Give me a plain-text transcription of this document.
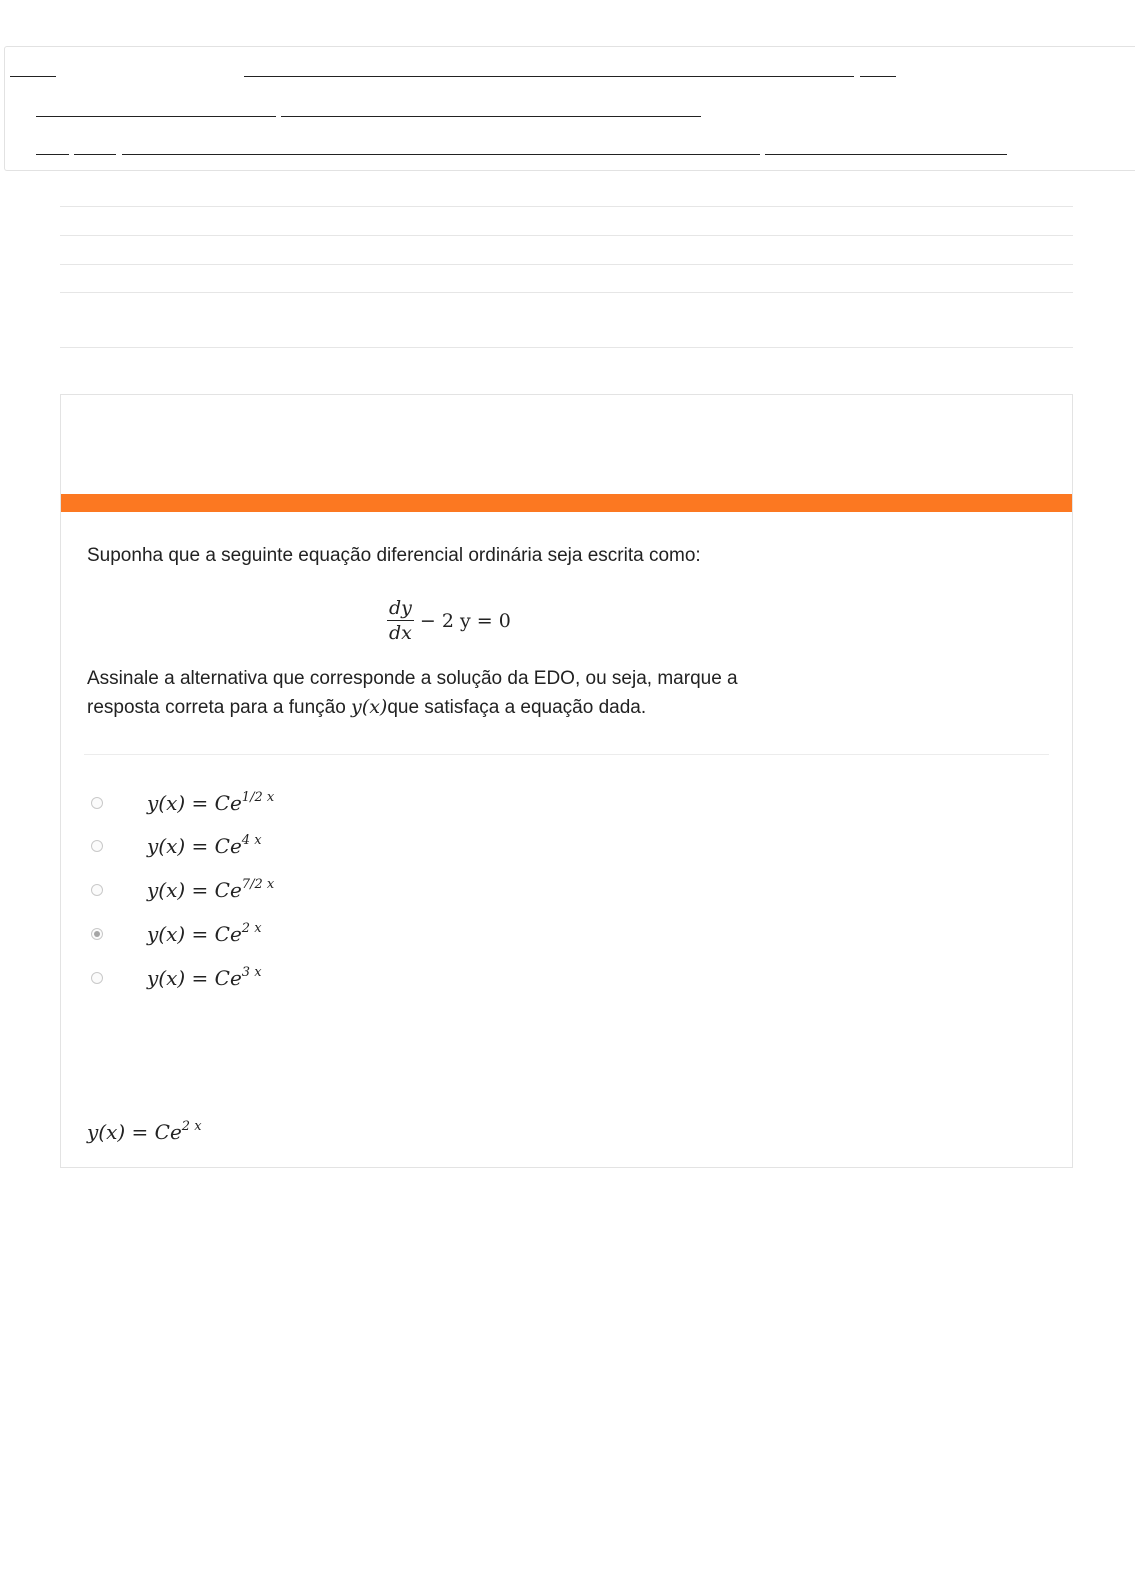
Suponha que a seguinte equação diferencial ordinária seja escrita como:

$\frac{dy}{dx} - 2$ y = 0
Assinale a alternativa que corresponde a solução da EDO, ou seja, marque a
resposta correta para a função y(x)que satisfaça a equação dada.
$y(x) = Ce^{1/2 x}$
$y(x) = Ce^{4 x}$
$y(x) = Ce^{7/2 x}$
$y(x) = Ce^{2 x}$
$y(x) = Ce^{3 x}$
$y(x) = Ce^{2 x}$
